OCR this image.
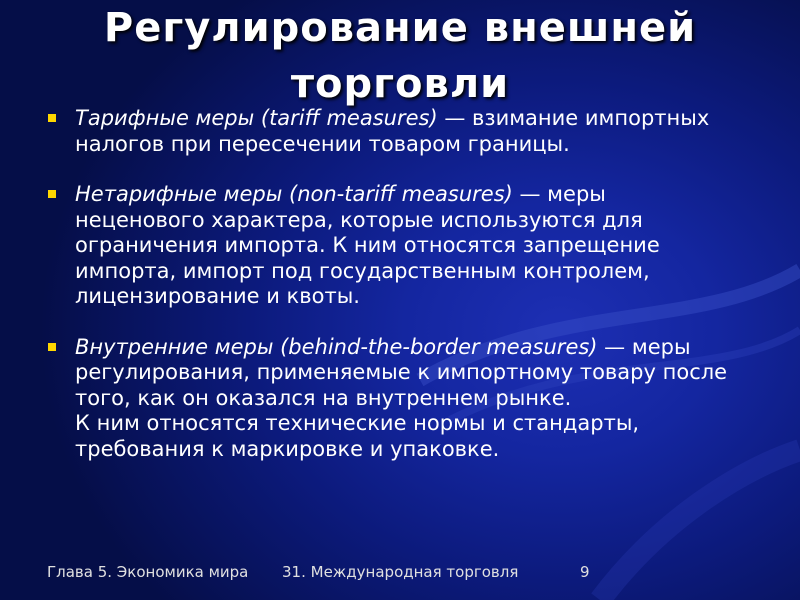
Регулирование внешней торговли
Тарифные меры (tariff measures) — взимание импортных налогов при пересечении товаром границы.
Нетарифные меры (non-tariff measures) — меры неценового характера, которые используются для ограничения импорта. К ним относятся запрещение импорта, импорт под государственным контролем, лицензирование и квоты.
Внутренние меры (behind-the-border measures) — меры регулирования, применяемые к импортному товару после того, как он оказался на внутреннем рынке.
К ним относятся технические нормы и стандарты, требования к маркировке и упаковке.
Глава 5. Экономика мира 31. Международная торговля	9
